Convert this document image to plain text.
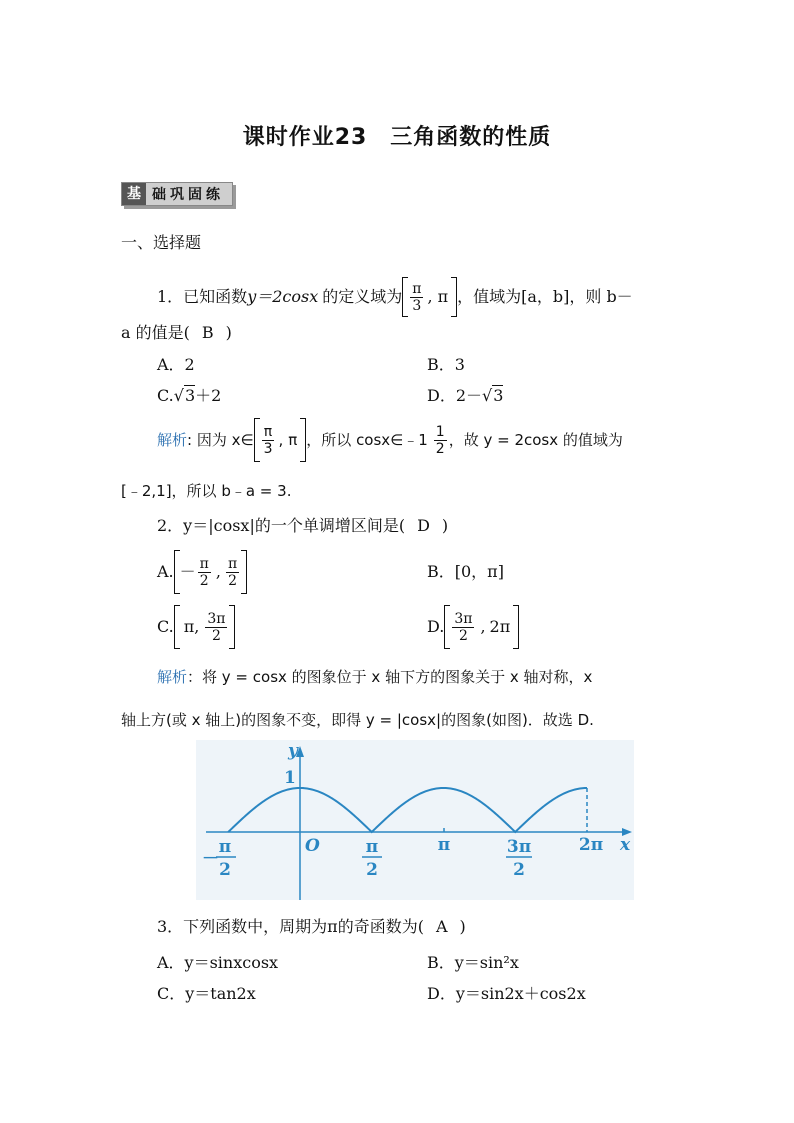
课时作业23　三角函数的性质
基 础巩固练
一、选择题
1．已知函数 y＝2cosx 的定义域为 $\frac{\pi}{3}$ , π ，值域为[ a，b]，则 b－
a 的值是( B )
A．2	B．3
C.√3＋2	D．2－√3
解析 : 因为 x∈ $\frac{\pi}{3}$ , π ，所以 cosx∈﹣1 $\frac{1}{2}$ ，故 y = 2cosx 的值域为
[﹣2,1]，所以 b﹣a = 3.
2．y＝|cosx|的一个单调增区间是( D )
A. － $\frac{\pi}{2}$ , $\frac{\pi}{2}$	B．[0，π]
C. π, $\frac{3\pi}{2}$	D. $\frac{3\pi}{2}$ , 2π
解析：将 y = cosx 的图象位于 x 轴下方的图象关于 x 轴对称，x
轴上方(或 x 轴上)的图象不变，即得 y = |cosx|的图象(如图)．故选 D.
y
x
1
O
－
π
2
π
2
π	3π
2
2π
3．下列函数中，周期为π的奇函数为( A )
A．y＝sinxcosx	B．y＝sin²x
C．y＝tan2x	D．y＝sin2x＋cos2x
